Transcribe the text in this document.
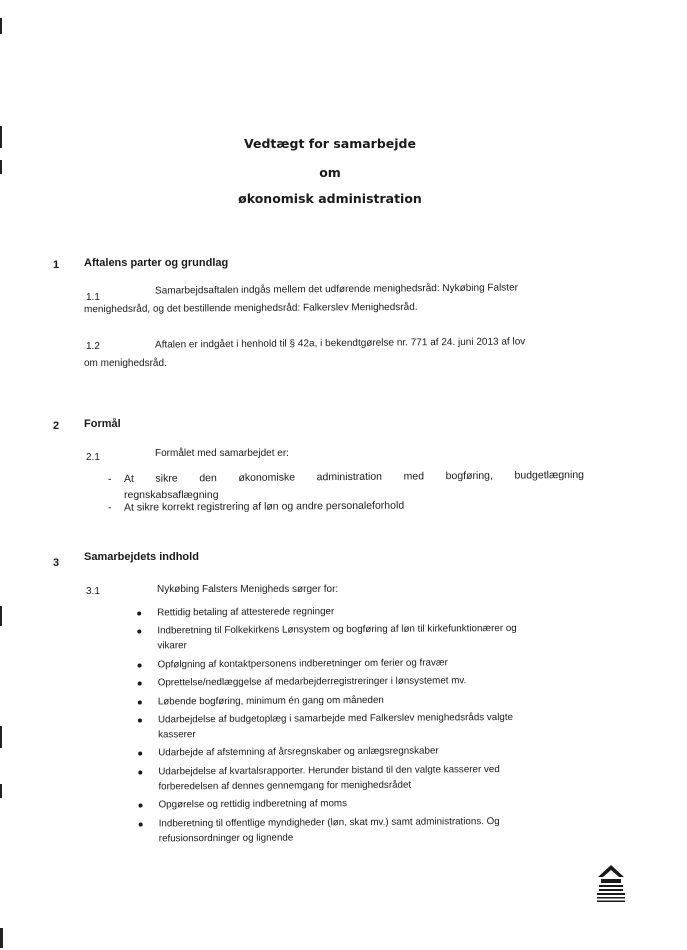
Vedtægt for samarbejde
om
økonomisk administration
1 Aftalens parter og grundlag
1.1
Samarbejdsaftalen indgås mellem det udførende menighedsråd: Nykøbing Falster
menighedsråd, og det bestillende menighedsråd: Falkerslev Menighedsråd.
1.2	Aftalen er indgået i henhold til § 42a, i bekendtgørelse nr. 771 af 24. juni 2013 af lov
om menighedsråd.
2 Formål
2.1	Formålet med samarbejdet er:
- At sikre den økonomiske administration med bogføring, budgetlægning
regnskabsaflægning
- At sikre korrekt registrering af løn og andre personaleforhold
3 Samarbejdets indhold
3.1	Nykøbing Falsters Menigheds sørger for:
Rettidig betaling af attesterede regninger
Indberetning til Folkekirkens Lønsystem og bogføring af løn til kirkefunktionærer og
vikarer
Opfølgning af kontaktpersonens indberetninger om ferier og fravær
Oprettelse/nedlæggelse af medarbejderregistreringer i lønsystemet mv.
Løbende bogføring, minimum én gang om måneden
Udarbejdelse af budgetoplæg i samarbejde med Falkerslev menighedsråds valgte
kasserer
Udarbejde af afstemning af årsregnskaber og anlægsregnskaber
Udarbejdelse af kvartalsrapporter. Herunder bistand til den valgte kasserer ved
forberedelsen af dennes gennemgang for menighedsrådet
Opgørelse og rettidig indberetning af moms
Indberetning til offentlige myndigheder (løn, skat mv.) samt administrations. Og
refusionsordninger og lignende
